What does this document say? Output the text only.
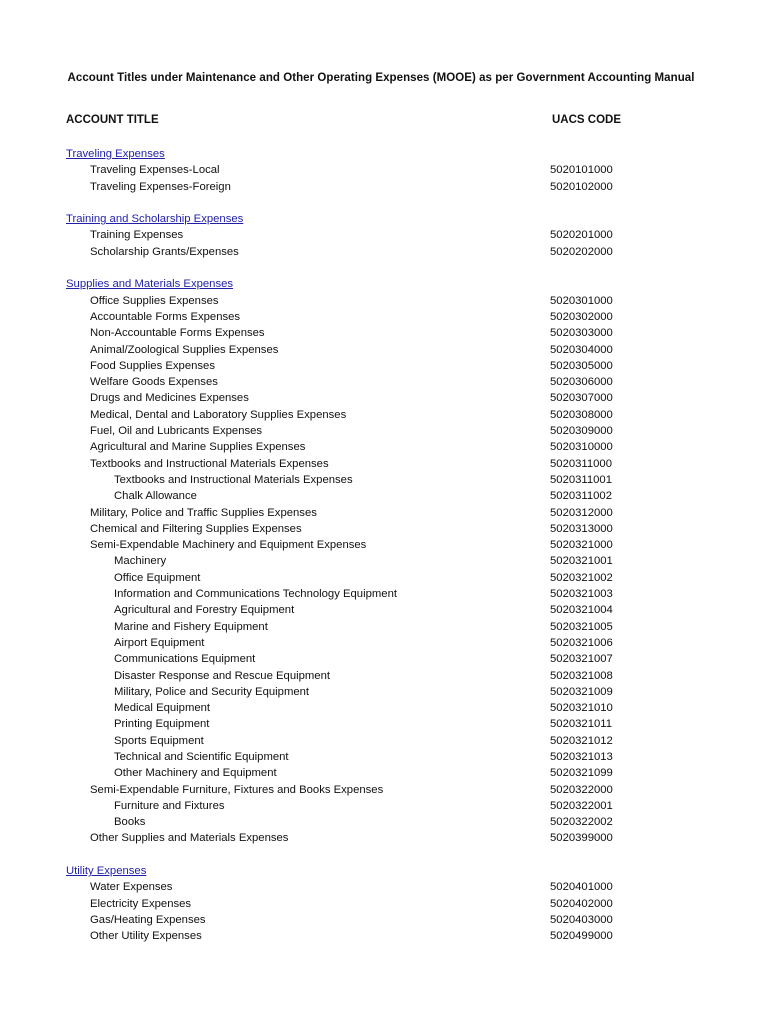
Account Titles under Maintenance and Other Operating Expenses (MOOE) as per Government Accounting Manual
ACCOUNT TITLE	UACS CODE
Traveling Expenses
Traveling Expenses-Local	5020101000
Traveling Expenses-Foreign	5020102000
Training and Scholarship Expenses
Training Expenses	5020201000
Scholarship Grants/Expenses	5020202000
Supplies and Materials Expenses
Office Supplies Expenses	5020301000
Accountable Forms Expenses	5020302000
Non-Accountable Forms Expenses	5020303000
Animal/Zoological Supplies Expenses	5020304000
Food Supplies Expenses	5020305000
Welfare Goods Expenses	5020306000
Drugs and Medicines Expenses	5020307000
Medical, Dental and Laboratory Supplies Expenses	5020308000
Fuel, Oil and Lubricants Expenses	5020309000
Agricultural and Marine Supplies Expenses	5020310000
Textbooks and Instructional Materials Expenses	5020311000
Textbooks and Instructional Materials Expenses	5020311001
Chalk Allowance	5020311002
Military, Police and Traffic Supplies Expenses	5020312000
Chemical and Filtering Supplies Expenses	5020313000
Semi-Expendable Machinery and Equipment Expenses	5020321000
Machinery	5020321001
Office Equipment	5020321002
Information and Communications Technology Equipment	5020321003
Agricultural and Forestry Equipment	5020321004
Marine and Fishery Equipment	5020321005
Airport Equipment	5020321006
Communications Equipment	5020321007
Disaster Response and Rescue Equipment	5020321008
Military, Police and Security Equipment	5020321009
Medical Equipment	5020321010
Printing Equipment	5020321011
Sports Equipment	5020321012
Technical and Scientific Equipment	5020321013
Other Machinery and Equipment	5020321099
Semi-Expendable Furniture, Fixtures and Books Expenses	5020322000
Furniture and Fixtures	5020322001
Books	5020322002
Other Supplies and Materials Expenses	5020399000
Utility Expenses
Water Expenses	5020401000
Electricity Expenses	5020402000
Gas/Heating Expenses	5020403000
Other Utility Expenses	5020499000
